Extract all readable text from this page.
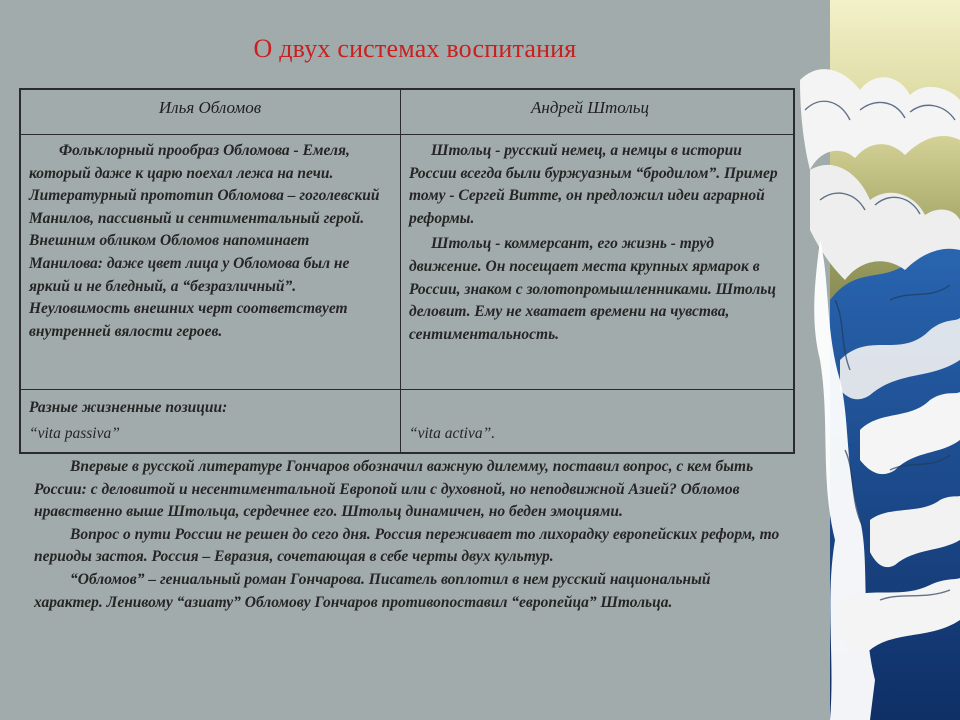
О двух системах воспитания
Илья Обломов	Андрей Штольц

Фольклорный прообраз Обломова - Емеля, который даже к царю поехал лежа на печи. Литературный прототип Обломова – гоголевский Манилов, пассивный и сентиментальный герой. Внешним обликом Обломов напоминает Манилова: даже цвет лица у Обломова был не яркий и не бледный, а “безразличный”. Неуловимость внешних черт соответствует внутренней вялости героев.

Штольц - русский немец, а немцы в истории России всегда были буржуазным “бродилом”. Пример тому - Сергей Витте, он предложил идеи аграрной реформы.

Штольц - коммерсант, его жизнь - труд движение. Он посещает места крупных ярмарок в России, знаком с золотопромышленниками. Штольц деловит. Ему не хватает времени на чувства, сентиментальность.

Разные жизненные позиции:
“vita passiva”	“vita activa”.

Впервые в русской литературе Гончаров обозначил важную дилемму, поставил вопрос, с кем быть России: с деловитой и несентиментальной Европой или с духовной, но неподвижной Азией? Обломов нравственно выше Штольца, сердечнее его. Штольц динамичен, но беден эмоциями.

Вопрос о пути России не решен до сего дня. Россия переживает то лихорадку европейских реформ, то периоды застоя. Россия – Евразия, сочетающая в себе черты двух культур.

“Обломов” – гениальный роман Гончарова. Писатель воплотил в нем русский национальный характер. Ленивому “азиату” Обломову Гончаров противопоставил “европейца” Штольца.
